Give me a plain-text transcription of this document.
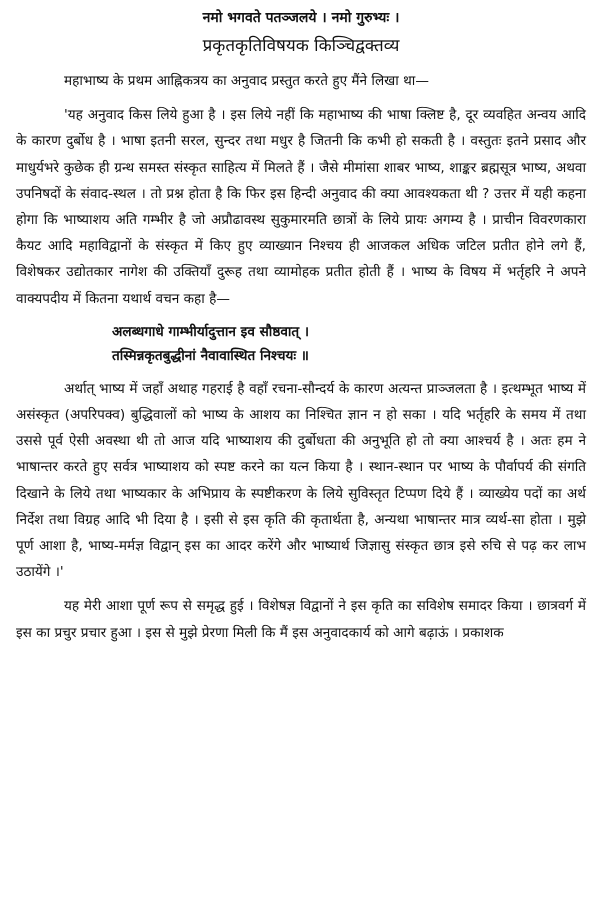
नमो भगवते पतञ्जलये । नमो गुरुभ्यः ।
प्रकृतकृतिविषयक किञ्चिद्वक्तव्य

महाभाष्य के प्रथम आह्निकत्रय का अनुवाद प्रस्तुत करते हुए मैंने लिखा था—

'यह अनुवाद किस लिये हुआ है । इस लिये नहीं कि महाभाष्य की भाषा क्लिष्ट है, दूर व्यवहित अन्वय आदि के कारण दुर्बोध है । भाषा इतनी सरल, सुन्दर तथा मधुर है जितनी कि कभी हो सकती है । वस्तुतः इतने प्रसाद और माधुर्यभरे कुछेक ही ग्रन्थ समस्त संस्कृत साहित्य में मिलते हैं । जैसे मीमांसा शाबर भाष्य, शाङ्कर ब्रह्मसूत्र भाष्य, अथवा उपनिषदों के संवाद-स्थल । तो प्रश्न होता है कि फिर इस हिन्दी अनुवाद की क्या आवश्यकता थी ? उत्तर में यही कहना होगा कि भाष्याशय अति गम्भीर है जो अप्रौढावस्थ सुकुमारमति छात्रों के लिये प्रायः अगम्य है । प्राचीन विवरणकारा कैयट आदि महाविद्वानों के संस्कृत में किए हुए व्याख्यान निश्चय ही आजकल अधिक जटिल प्रतीत होने लगे हैं, विशेषकर उद्योतकार नागेश की उक्तियाँ दुरूह तथा व्यामोहक प्रतीत होती हैं । भाष्य के विषय में भर्तृहरि ने अपने वाक्यपदीय में कितना यथार्थ वचन कहा है—

अलब्धगाधे गाम्भीर्यादुत्तान इव सौष्ठवात् ।
तस्मिन्नकृतबुद्धीनां नैवावास्थित निश्चयः ॥

अर्थात् भाष्य में जहाँ अथाह गहराई है वहाँ रचना-सौन्दर्य के कारण अत्यन्त प्राञ्जलता है । इत्थम्भूत भाष्य में असंस्कृत (अपरिपक्व) बुद्धिवालों को भाष्य के आशय का निश्चित ज्ञान न हो सका । यदि भर्तृहरि के समय में तथा उससे पूर्व ऐसी अवस्था थी तो आज यदि भाष्याशय की दुर्बोधता की अनुभूति हो तो क्या आश्चर्य है । अतः हम ने भाषान्तर करते हुए सर्वत्र भाष्याशय को स्पष्ट करने का यत्न किया है । स्थान-स्थान पर भाष्य के पौर्वापर्य की संगति दिखाने के लिये तथा भाष्यकार के अभिप्राय के स्पष्टीकरण के लिये सुविस्तृत टिप्पण दिये हैं । व्याख्येय पदों का अर्थ निर्देश तथा विग्रह आदि भी दिया है । इसी से इस कृति की कृतार्थता है, अन्यथा भाषान्तर मात्र व्यर्थ-सा होता । मुझे पूर्ण आशा है, भाष्य-मर्मज्ञ विद्वान् इस का आदर करेंगे और भाष्यार्थ जिज्ञासु संस्कृत छात्र इसे रुचि से पढ़ कर लाभ उठायेंगे ।'

यह मेरी आशा पूर्ण रूप से समृद्ध हुई । विशेषज्ञ विद्वानों ने इस कृति का सविशेष समादर किया । छात्रवर्ग में इस का प्रचुर प्रचार हुआ । इस से मुझे प्रेरणा मिली कि मैं इस अनुवादकार्य को आगे बढ़ाऊं । प्रकाशक
